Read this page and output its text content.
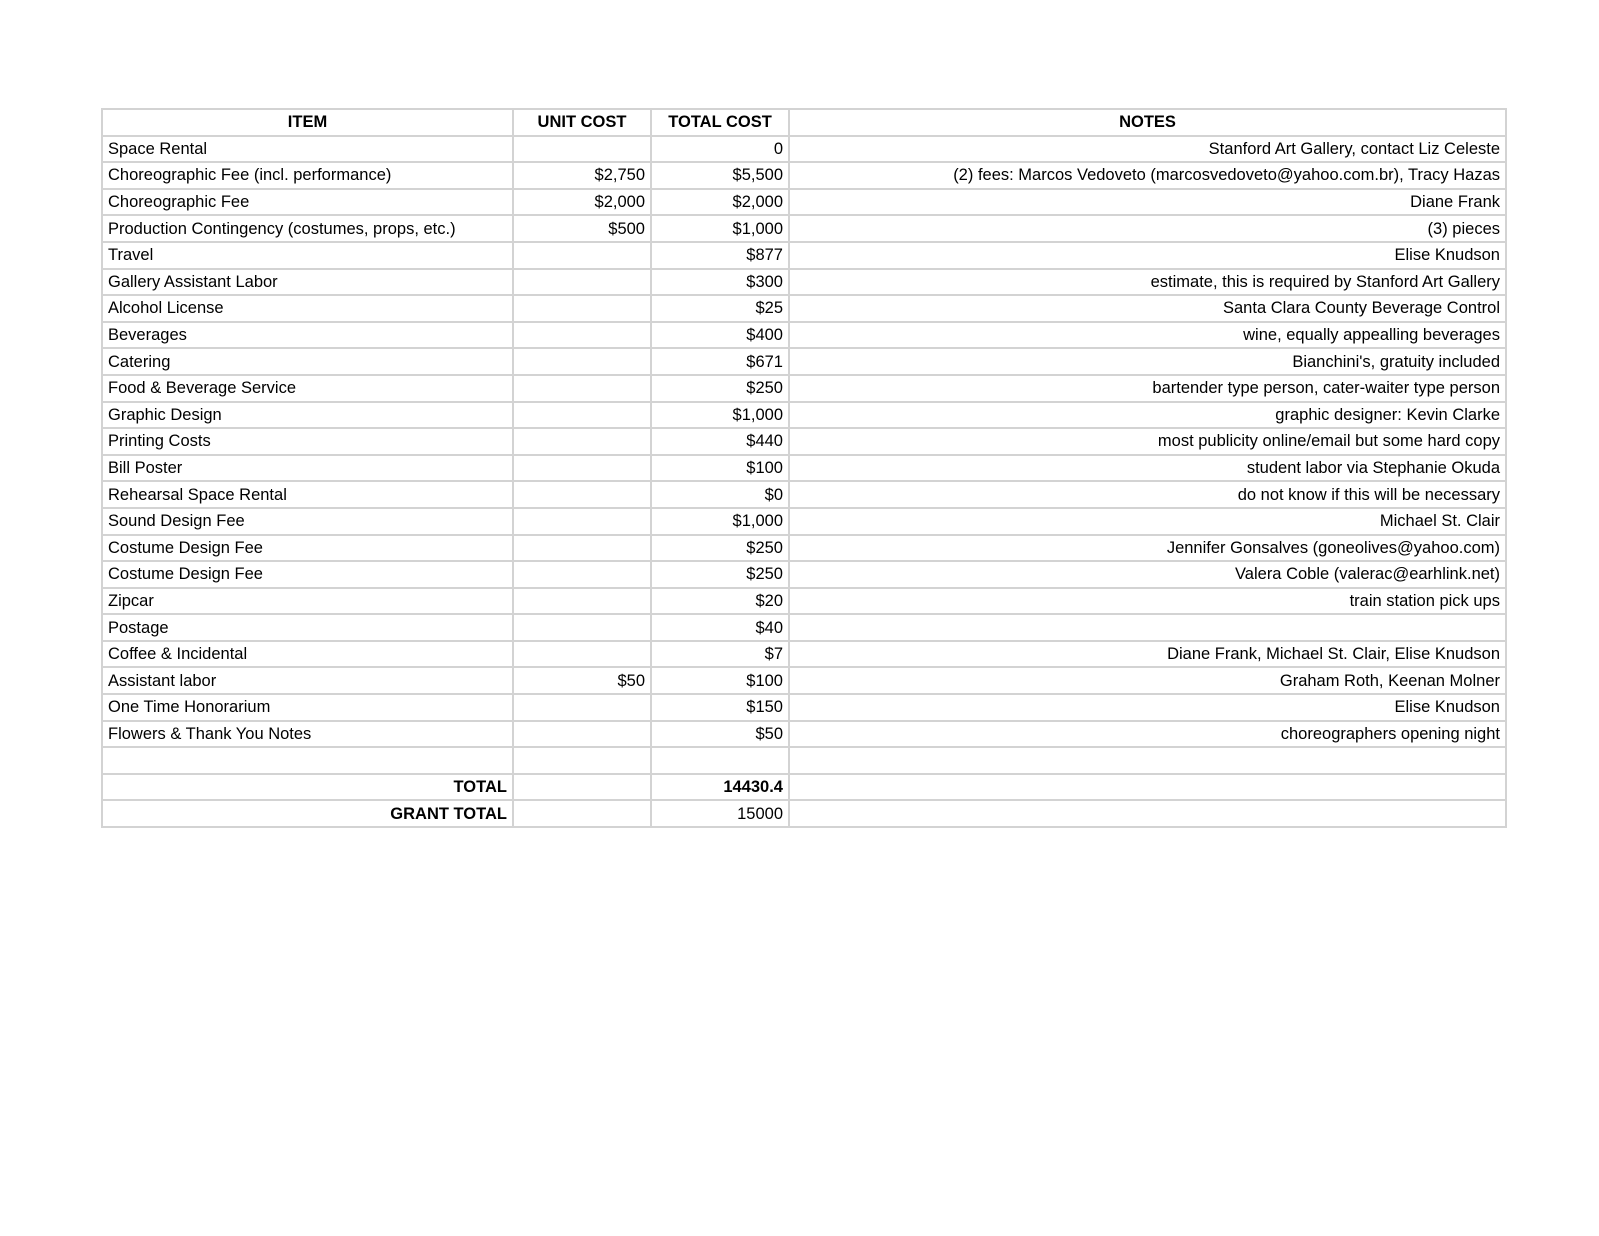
ITEM	UNIT COST	TOTAL COST	NOTES
Space Rental		0	Stanford Art Gallery, contact Liz Celeste
Choreographic Fee (incl. performance)	$2,750	$5,500	(2) fees: Marcos Vedoveto (marcosvedoveto@yahoo.com.br), Tracy Hazas
Choreographic Fee	$2,000	$2,000	Diane Frank
Production Contingency (costumes, props, etc.)	$500	$1,000	(3) pieces
Travel		$877	Elise Knudson
Gallery Assistant Labor		$300	estimate, this is required by Stanford Art Gallery
Alcohol License		$25	Santa Clara County Beverage Control
Beverages		$400	wine, equally appealling beverages
Catering		$671	Bianchini's, gratuity included
Food & Beverage Service		$250	bartender type person, cater-waiter type person
Graphic Design		$1,000	graphic designer: Kevin Clarke
Printing Costs		$440	most publicity online/email but some hard copy
Bill Poster		$100	student labor via Stephanie Okuda
Rehearsal Space Rental		$0	do not know if this will be necessary
Sound Design Fee		$1,000	Michael St. Clair
Costume Design Fee		$250	Jennifer Gonsalves (goneolives@yahoo.com)
Costume Design Fee		$250	Valera Coble (valerac@earhlink.net)
Zipcar		$20	train station pick ups
Postage		$40	
Coffee & Incidental		$7	Diane Frank, Michael St. Clair, Elise Knudson
Assistant labor	$50	$100	Graham Roth, Keenan Molner
One Time Honorarium		$150	Elise Knudson
Flowers & Thank You Notes		$50	choreographers opening night

TOTAL		14430.4	
GRANT TOTAL		15000	
